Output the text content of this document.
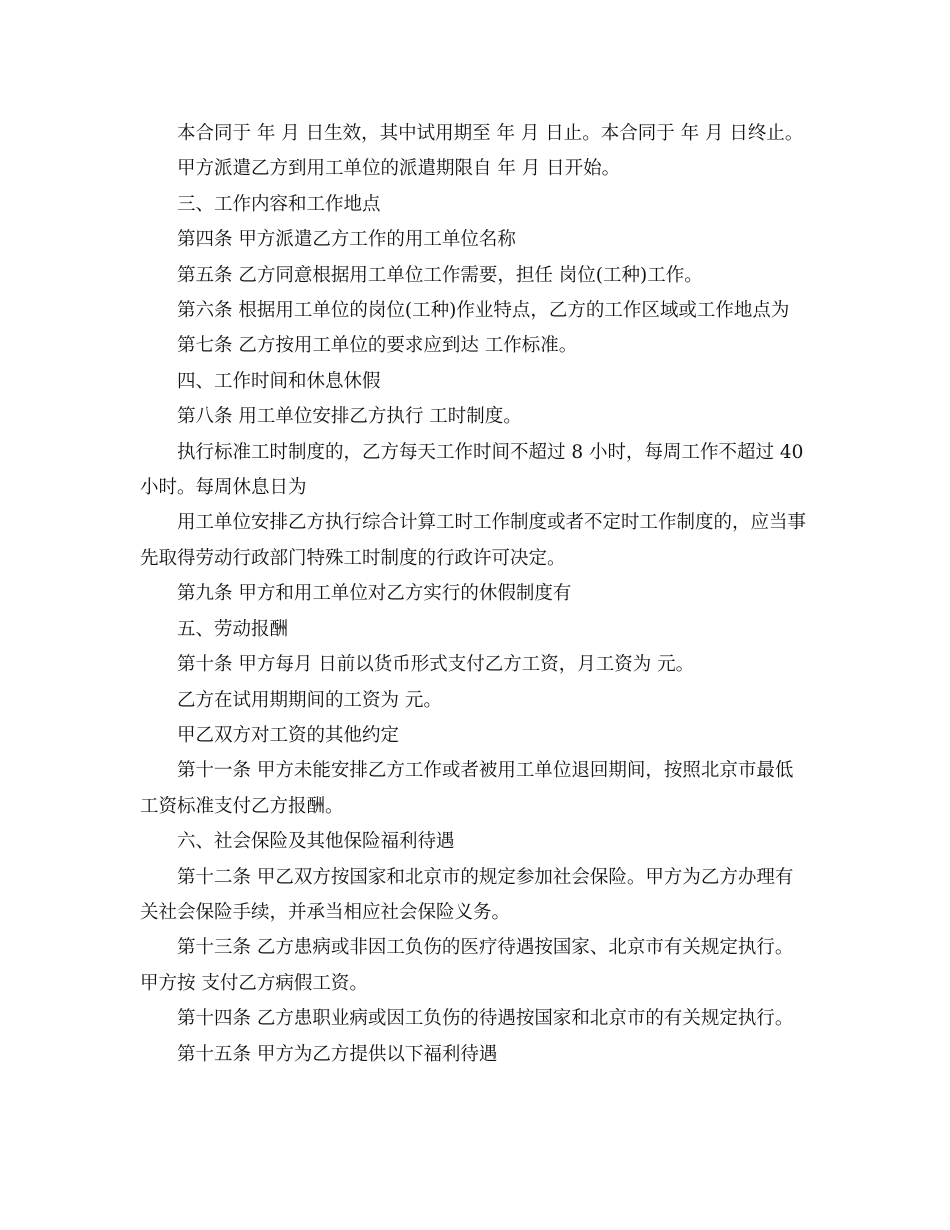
本合同于 年 月 日生效，其中试用期至 年 月 日止。本合同于 年 月 日终止。

甲方派遣乙方到用工单位的派遣期限自 年 月 日开始。

三、工作内容和工作地点

第四条 甲方派遣乙方工作的用工单位名称

第五条 乙方同意根据用工单位工作需要，担任 岗位(工种)工作。

第六条 根据用工单位的岗位(工种)作业特点，乙方的工作区域或工作地点为

第七条 乙方按用工单位的要求应到达 工作标准。

四、工作时间和休息休假

第八条 用工单位安排乙方执行 工时制度。

执行标准工时制度的，乙方每天工作时间不超过 8 小时，每周工作不超过 40 小时。每周休息日为

用工单位安排乙方执行综合计算工时工作制度或者不定时工作制度的，应当事先取得劳动行政部门特殊工时制度的行政许可决定。

第九条 甲方和用工单位对乙方实行的休假制度有

五、劳动报酬

第十条 甲方每月 日前以货币形式支付乙方工资，月工资为 元。

乙方在试用期期间的工资为 元。

甲乙双方对工资的其他约定

第十一条 甲方未能安排乙方工作或者被用工单位退回期间，按照北京市最低工资标准支付乙方报酬。

六、社会保险及其他保险福利待遇

第十二条 甲乙双方按国家和北京市的规定参加社会保险。甲方为乙方办理有关社会保险手续，并承当相应社会保险义务。

第十三条 乙方患病或非因工负伤的医疗待遇按国家、北京市有关规定执行。甲方按 支付乙方病假工资。

第十四条 乙方患职业病或因工负伤的待遇按国家和北京市的有关规定执行。

第十五条 甲方为乙方提供以下福利待遇
